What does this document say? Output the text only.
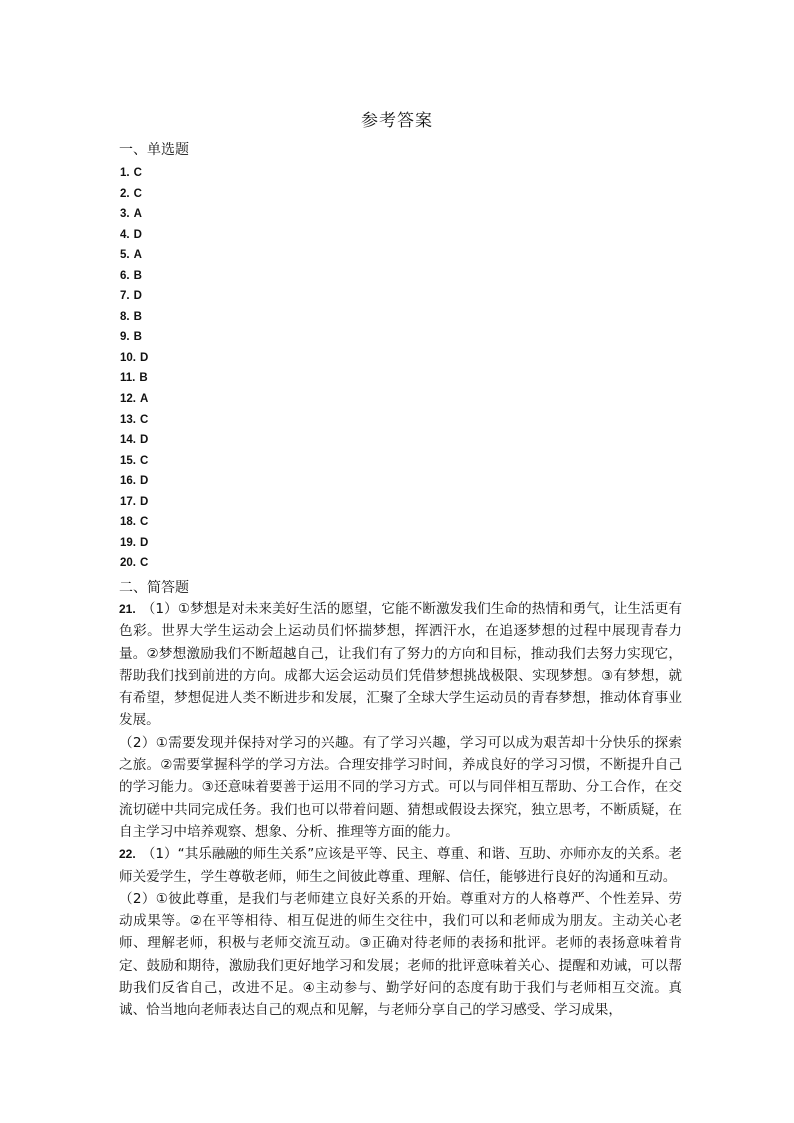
参考答案
一、单选题
1. C
2. C
3. A
4. D
5. A
6. B
7. D
8. B
9. B
10. D
11. B
12. A
13. C
14. D
15. C
16. D
17. D
18. C
19. D
20. C
二、简答题

21. （1）①梦想是对未来美好生活的愿望，它能不断激发我们生命的热情和勇气，让生活更有色彩。世界大学生运动会上运动员们怀揣梦想，挥洒汗水，在追逐梦想的过程中展现青春力量。②梦想激励我们不断超越自己，让我们有了努力的方向和目标，推动我们去努力实现它，帮助我们找到前进的方向。成都大运会运动员们凭借梦想挑战极限、实现梦想。③有梦想，就有希望，梦想促进人类不断进步和发展，汇聚了全球大学生运动员的青春梦想，推动体育事业发展。

（2）①需要发现并保持对学习的兴趣。有了学习兴趣，学习可以成为艰苦却十分快乐的探索之旅。②需要掌握科学的学习方法。合理安排学习时间，养成良好的学习习惯，不断提升自己的学习能力。③还意味着要善于运用不同的学习方式。可以与同伴相互帮助、分工合作，在交流切磋中共同完成任务。我们也可以带着问题、猜想或假设去探究，独立思考，不断质疑，在自主学习中培养观察、想象、分析、推理等方面的能力。

22. （1）“其乐融融的师生关系”应该是平等、民主、尊重、和谐、互助、亦师亦友的关系。老师关爱学生，学生尊敬老师，师生之间彼此尊重、理解、信任，能够进行良好的沟通和互动。

（2）①彼此尊重，是我们与老师建立良好关系的开始。尊重对方的人格尊严、个性差异、劳动成果等。②在平等相待、相互促进的师生交往中，我们可以和老师成为朋友。主动关心老师、理解老师，积极与老师交流互动。③正确对待老师的表扬和批评。老师的表扬意味着肯定、鼓励和期待，激励我们更好地学习和发展；老师的批评意味着关心、提醒和劝诫，可以帮助我们反省自己，改进不足。④主动参与、勤学好问的态度有助于我们与老师相互交流。真诚、恰当地向老师表达自己的观点和见解，与老师分享自己的学习感受、学习成果，
